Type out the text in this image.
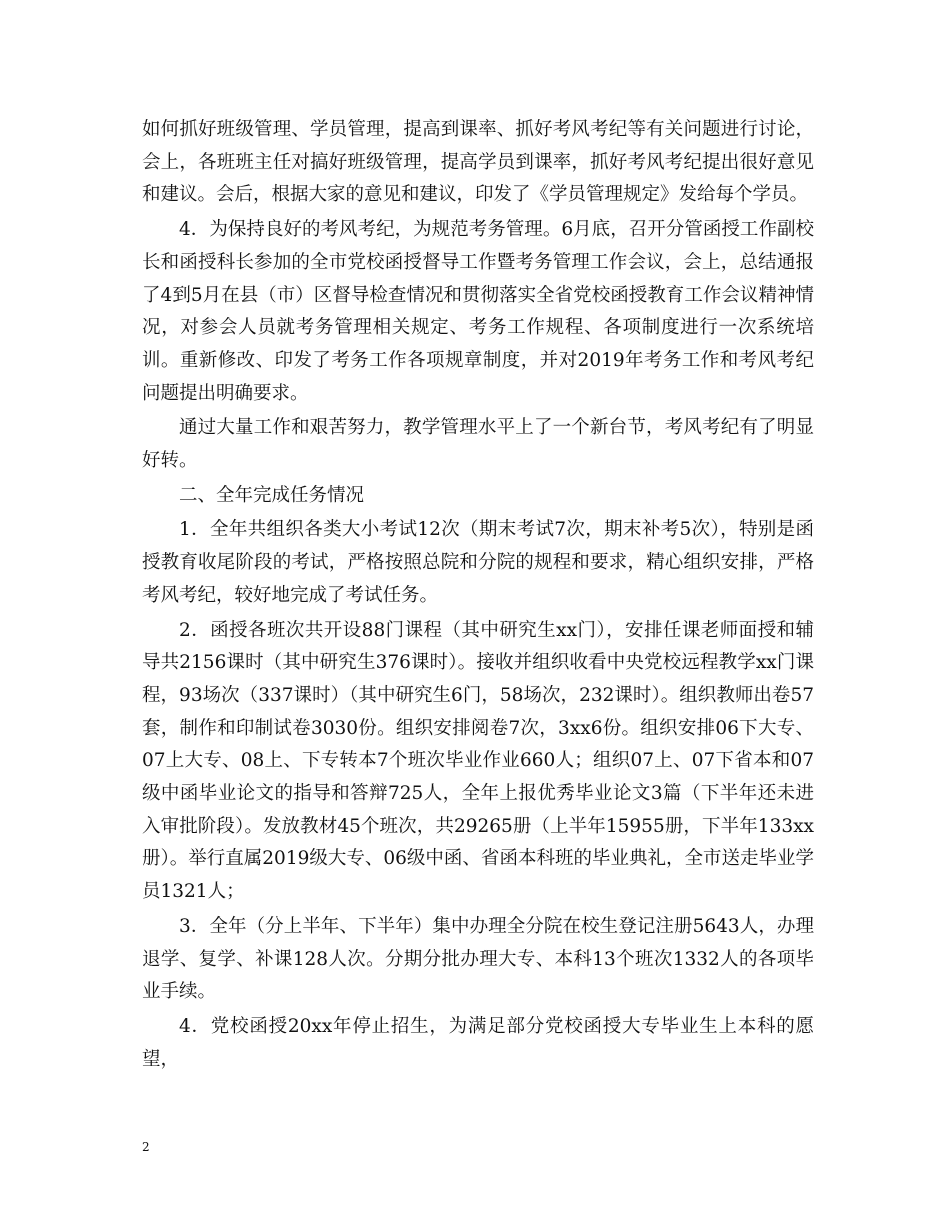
如何抓好班级管理、学员管理，提高到课率、抓好考风考纪等有关问题进行讨论，会上，各班班主任对搞好班级管理，提高学员到课率，抓好考风考纪提出很好意见和建议。会后，根据大家的意见和建议，印发了《学员管理规定》发给每个学员。

4．为保持良好的考风考纪，为规范考务管理。6月底，召开分管函授工作副校长和函授科长参加的全市党校函授督导工作暨考务管理工作会议，会上，总结通报了4到5月在县（市）区督导检查情况和贯彻落实全省党校函授教育工作会议精神情况，对参会人员就考务管理相关规定、考务工作规程、各项制度进行一次系统培训。重新修改、印发了考务工作各项规章制度，并对2019年考务工作和考风考纪问题提出明确要求。

通过大量工作和艰苦努力，教学管理水平上了一个新台节，考风考纪有了明显好转。

二、全年完成任务情况

1．全年共组织各类大小考试12次（期末考试7次，期末补考5次），特别是函授教育收尾阶段的考试，严格按照总院和分院的规程和要求，精心组织安排，严格考风考纪，较好地完成了考试任务。

2．函授各班次共开设88门课程（其中研究生xx门），安排任课老师面授和辅导共2156课时（其中研究生376课时）。接收并组织收看中央党校远程教学xx门课程，93场次（337课时）（其中研究生6门，58场次，232课时）。组织教师出卷57套，制作和印制试卷3030份。组织安排阅卷7次，3xx6份。组织安排06下大专、07上大专、08上、下专转本7个班次毕业作业660人；组织07上、07下省本和07级中函毕业论文的指导和答辩725人，全年上报优秀毕业论文3篇（下半年还未进入审批阶段）。发放教材45个班次，共29265册（上半年15955册，下半年133xx册）。举行直属2019级大专、06级中函、省函本科班的毕业典礼，全市送走毕业学员1321人；

3．全年（分上半年、下半年）集中办理全分院在校生登记注册5643人，办理退学、复学、补课128人次。分期分批办理大专、本科13个班次1332人的各项毕业手续。

4．党校函授20xx年停止招生，为满足部分党校函授大专毕业生上本科的愿望，

2
